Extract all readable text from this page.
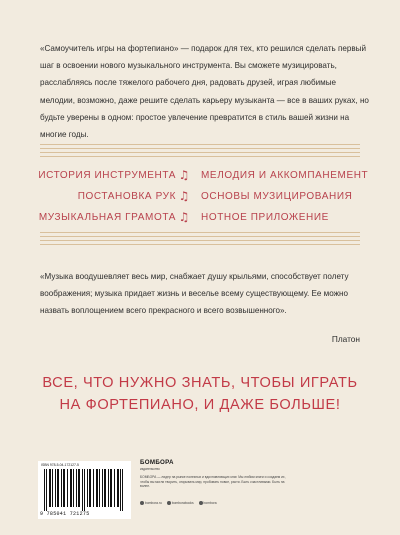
«Самоучитель игры на фортепиано» — подарок для тех, кто решился сделать первый шаг в освоении нового музыкального инструмента. Вы сможете музицировать, расслабляясь после тяжелого рабочего дня, радовать друзей, играя любимые мелодии, возможно, даже решите сделать карьеру музыканта — все в ваших руках, но будьте уверены в одном: простое увлечение превратится в стиль вашей жизни на многие годы.

ИСТОРИЯ ИНСТРУМЕНТА ♫ МЕЛОДИЯ И АККОМПАНЕМЕНТ
ПОСТАНОВКА РУК ♫ ОСНОВЫ МУЗИЦИРОВАНИЯ
МУЗЫКАЛЬНАЯ ГРАМОТА ♫ НОТНОЕ ПРИЛОЖЕНИЕ

«Музыка воодушевляет весь мир, снабжает душу крыльями, способствует полету воображения; музыка придает жизнь и веселье всему существующему. Ее можно назвать воплощением всего прекрасного и всего возвышенного».

Платон
ВСЕ, ЧТО НУЖНО ЗНАТЬ, ЧТОБЫ ИГРАТЬ
НА ФОРТЕПИАНО, И ДАЖЕ БОЛЬШЕ!
ISBN 978-5-04-172127-5
9 785041 721275
БОМБОРА
издательство
БОМБОРА — лидер на рынке полезных и вдохновляющих книг. Мы любим книги и создаем их, чтобы вы могли творить, открывать мир, пробовать новое, расти. Быть счастливыми. Быть на волне.
bombora.ru	bomborabooks	bombora
